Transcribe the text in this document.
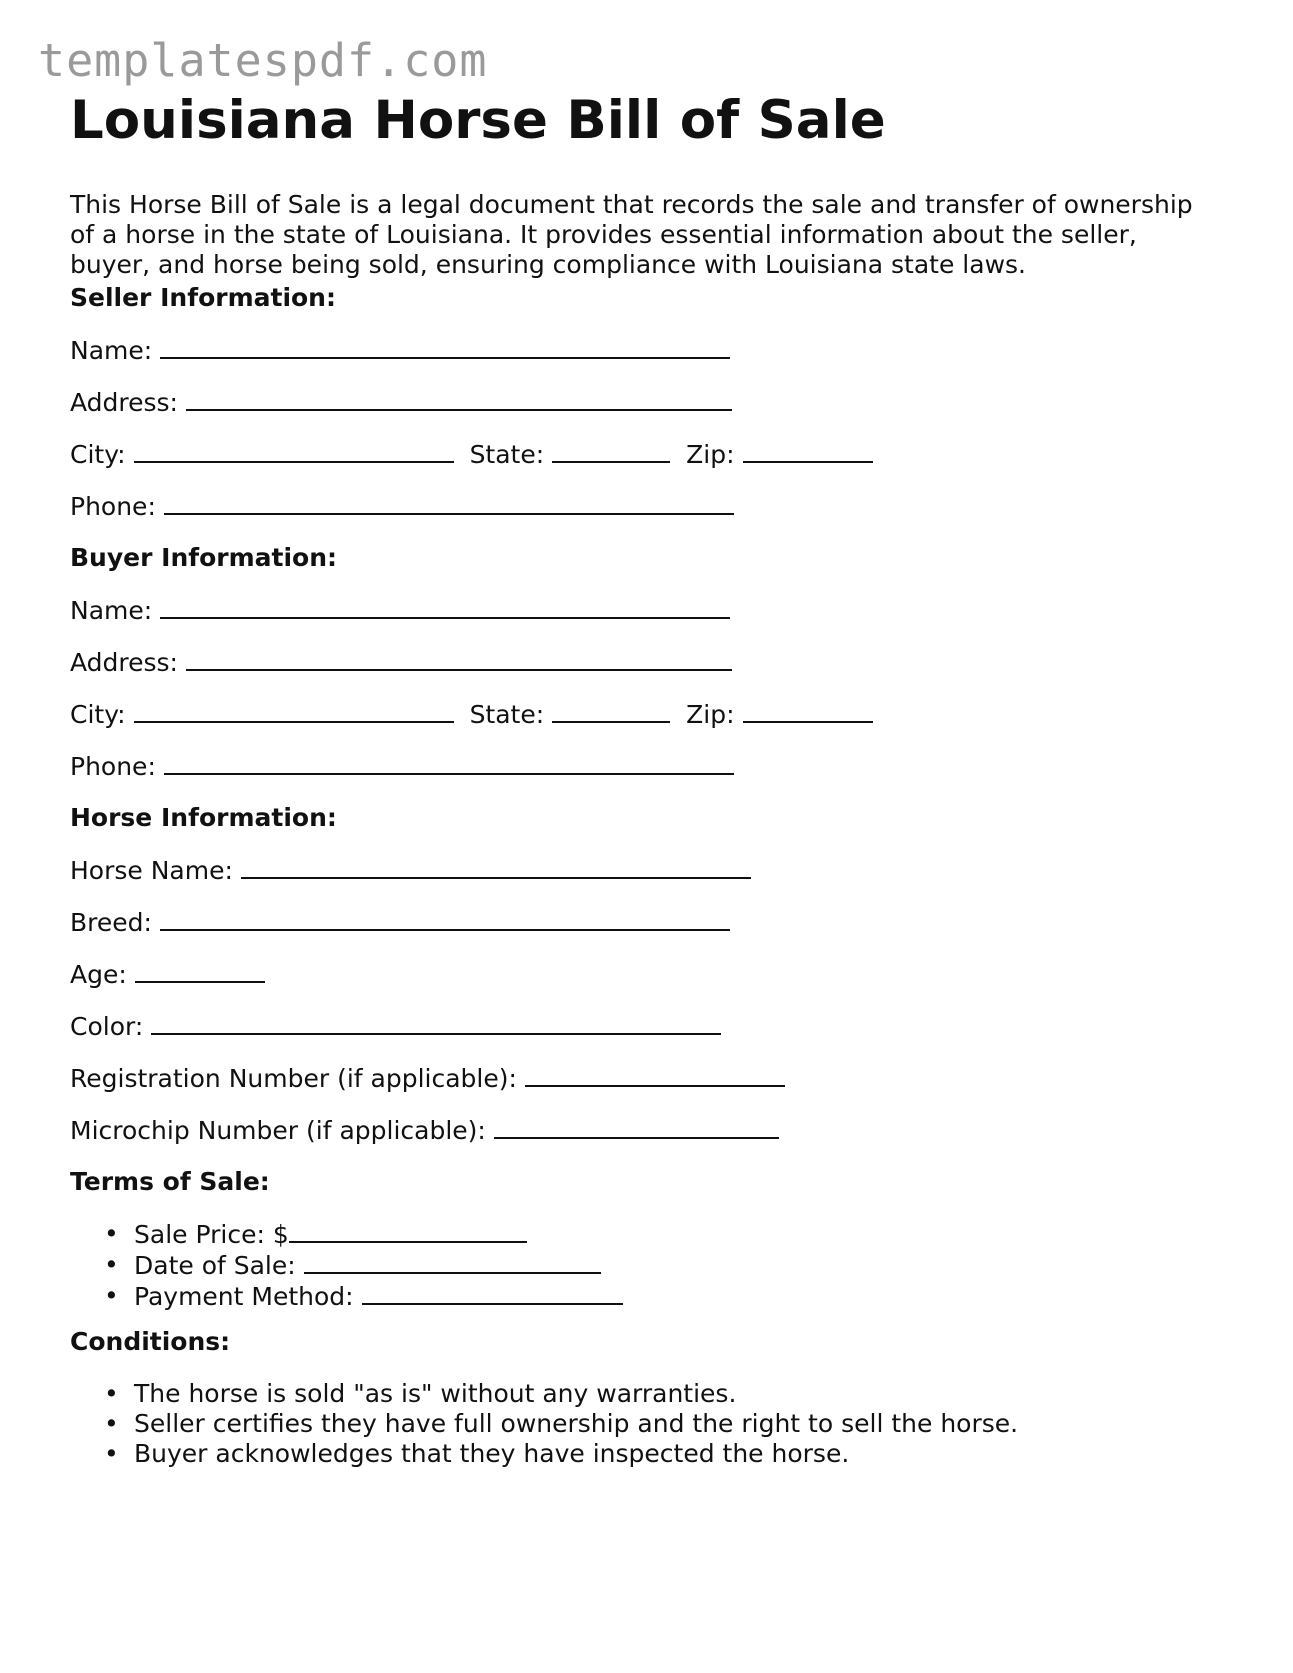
templatespdf.com
Louisiana Horse Bill of Sale
This Horse Bill of Sale is a legal document that records the sale and transfer of ownership
of a horse in the state of Louisiana. It provides essential information about the seller,
buyer, and horse being sold, ensuring compliance with Louisiana state laws.
Seller Information:
Name:
Address:
City:	State:	Zip:
Phone:
Buyer Information:
Name:
Address:
City:	State:	Zip:
Phone:
Horse Information:
Horse Name:
Breed:
Age:
Color:
Registration Number (if applicable):
Microchip Number (if applicable):
Terms of Sale:
• Sale Price: $
• Date of Sale:
• Payment Method:
Conditions:
• The horse is sold "as is" without any warranties.
• Seller certifies they have full ownership and the right to sell the horse.
• Buyer acknowledges that they have inspected the horse.
